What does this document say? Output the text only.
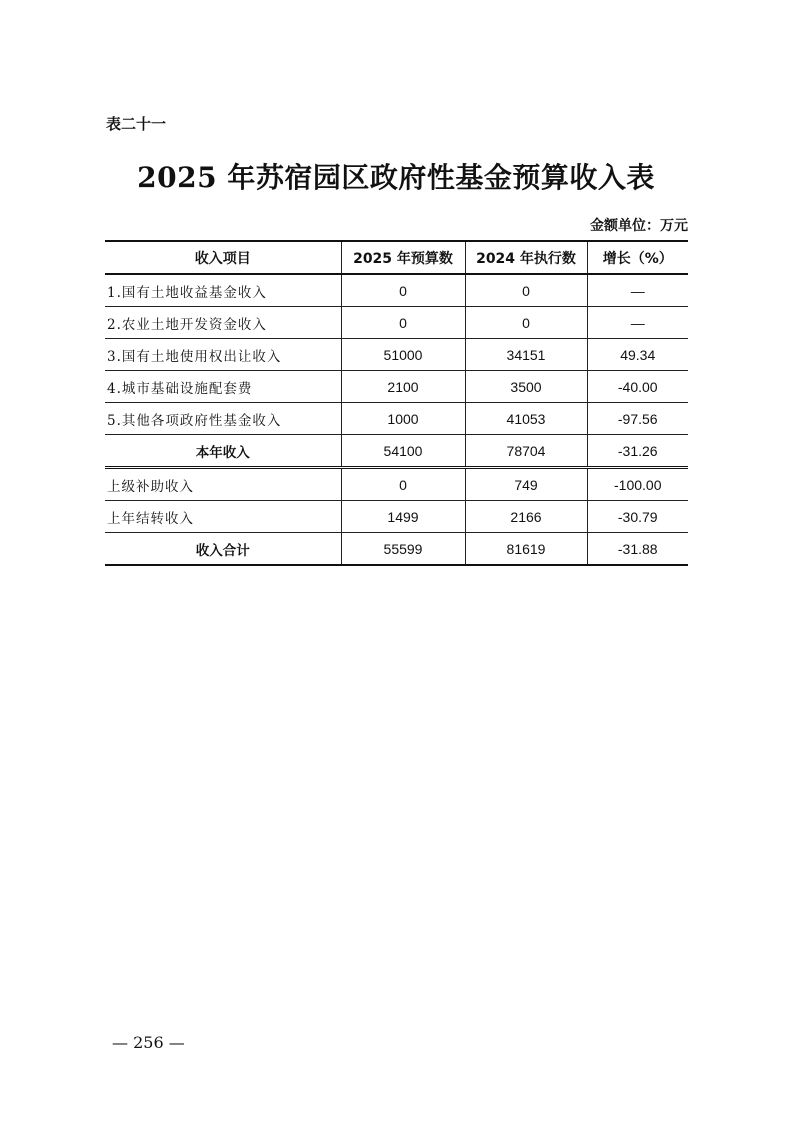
表二十一
2025 年苏宿园区政府性基金预算收入表
金额单位：万元
收入项目	2025 年预算数	2024 年执行数	增长（%）
1.国有土地收益基金收入	0	0	—
2.农业土地开发资金收入	0	0	—
3.国有土地使用权出让收入	51000	34151	49.34
4.城市基础设施配套费	2100	3500	-40.00
5.其他各项政府性基金收入	1000	41053	-97.56
本年收入	54100	78704	-31.26
上级补助收入	0	749	-100.00
上年结转收入	1499	2166	-30.79
收入合计	55599	81619	-31.88
— 256 —
